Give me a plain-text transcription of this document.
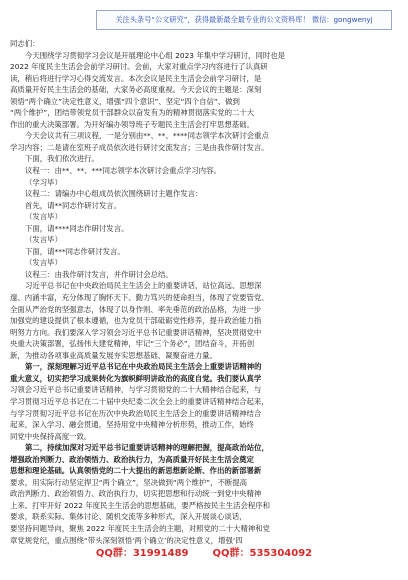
关注头条号“公文研究”，获得最新最全最专业的公文资料库！ 微信：gongwenyj
同志们：
今天围绕学习贯彻学习会议是开展理论中心组 2023 年集中学习研讨，同时也是
2022 年度民主生活会会前学习研讨。会前，大家对重点学习内容进行了认真研
读，稍后将进行学习心得交流发言。本次会议是民主生活会会前学习研讨，是
高质量开好民主生活会的基础，大家务必高度重视。今天会议的主题是：深刻
领悟“两个确立”决定性意义，增强“四个意识”、坚定“四个自信”、做到
“两个维护”，团结带领党员干部群众以奋发有为的精神贯彻落实党的二十大
作出的重大决策部署。为开好编办领导班子专题民主生活会打牢思想基础。
今天会议共有三项议程，一是分别由**、**、****同志领学本次研讨会重点
学习内容；二是请在室班子成员依次进行研讨交流发言；三是由我作研讨发言。
下面，我们依次进行。
议程一：由**、**、***同志领学本次研讨会重点学习内容。
（学习毕）
议程二：请编办中心组成员依次围绕研讨主题作发言：
首先，请**同志作研讨发言。
（发言毕）
下面，请****同志作研讨发言。
（发言毕）
下面，请***同志作研讨发言。
（发言毕）
议程三：由我作研讨发言，并作研讨会总结。
习近平总书记在中央政治局民主生活会上的重要讲话，站位高远、思想深
邃、内涵丰富，充分体现了胸怀天下、勤力笃兴的使命担当，体现了党要管党、
全面从严治党的坚强意志，体现了以身作则、率先垂范的政治品格，为进一步
加强党的建设提供了根本遵循，也为党员干部砥砺党性修养，提升政治能力指
明努力方向。我们要深入学习领会习近平总书记重要讲话精神，坚决贯彻党中
央重大决策部署，弘扬伟大建党精神，牢记“三个务必”，团结奋斗，开拓创
新，为推动各项事业高质量发展夯实思想基础、凝聚奋进力量。
第一，深刻理解习近平总书记在中央政治局民主生活会上重要讲话精神的
重大意义，切实把学习成果转化为旗帜鲜明讲政治的高度自觉。我们要认真学
习领会习近平总书记重要讲话精神，与学习贯彻党的二十大精神结合起来，与
学习贯彻习近平总书记在二十届中央纪委二次全会上的重要讲话精神结合起来，
与学习贯彻习近平总书记在历次中央政治局民主生活会上的重要讲话精神结合
起来，深入学习、融会贯通，坚持用党中央精神分析形势，推动工作，始终
同党中央保持高度一致。
第二，持续加深对习近平总书记重要讲话精神的理解把握，提高政治站位，
增强政治判断力、政治领悟力、政治执行力，为高质量开好民主生活会奠定
思想和理论基础。认真领悟党的二十大提出的新思想新论断、作出的新部署新
要求，用实际行动坚定捍卫“两个确立”，坚决做到“两个维护”，不断提高
政治判断力、政治领悟力、政治执行力，切实把思想和行动统一到党中央精神
上来。打牢开好 2022 年度民主生活会的思想基础，要严格按民主生活会程序和
要求，联系实际、集体讨论、随机交流等多种形式，深入开展谈心谈话，
要坚持问题导向，聚焦 2022 年度民主生活会的主题，对照党的二十大精神和党
章党规党纪，重点围绕“带头深刻领悟‘两个确立’的决定性意义，增强‘四
QQ群：31991489 QQ群：535304092
